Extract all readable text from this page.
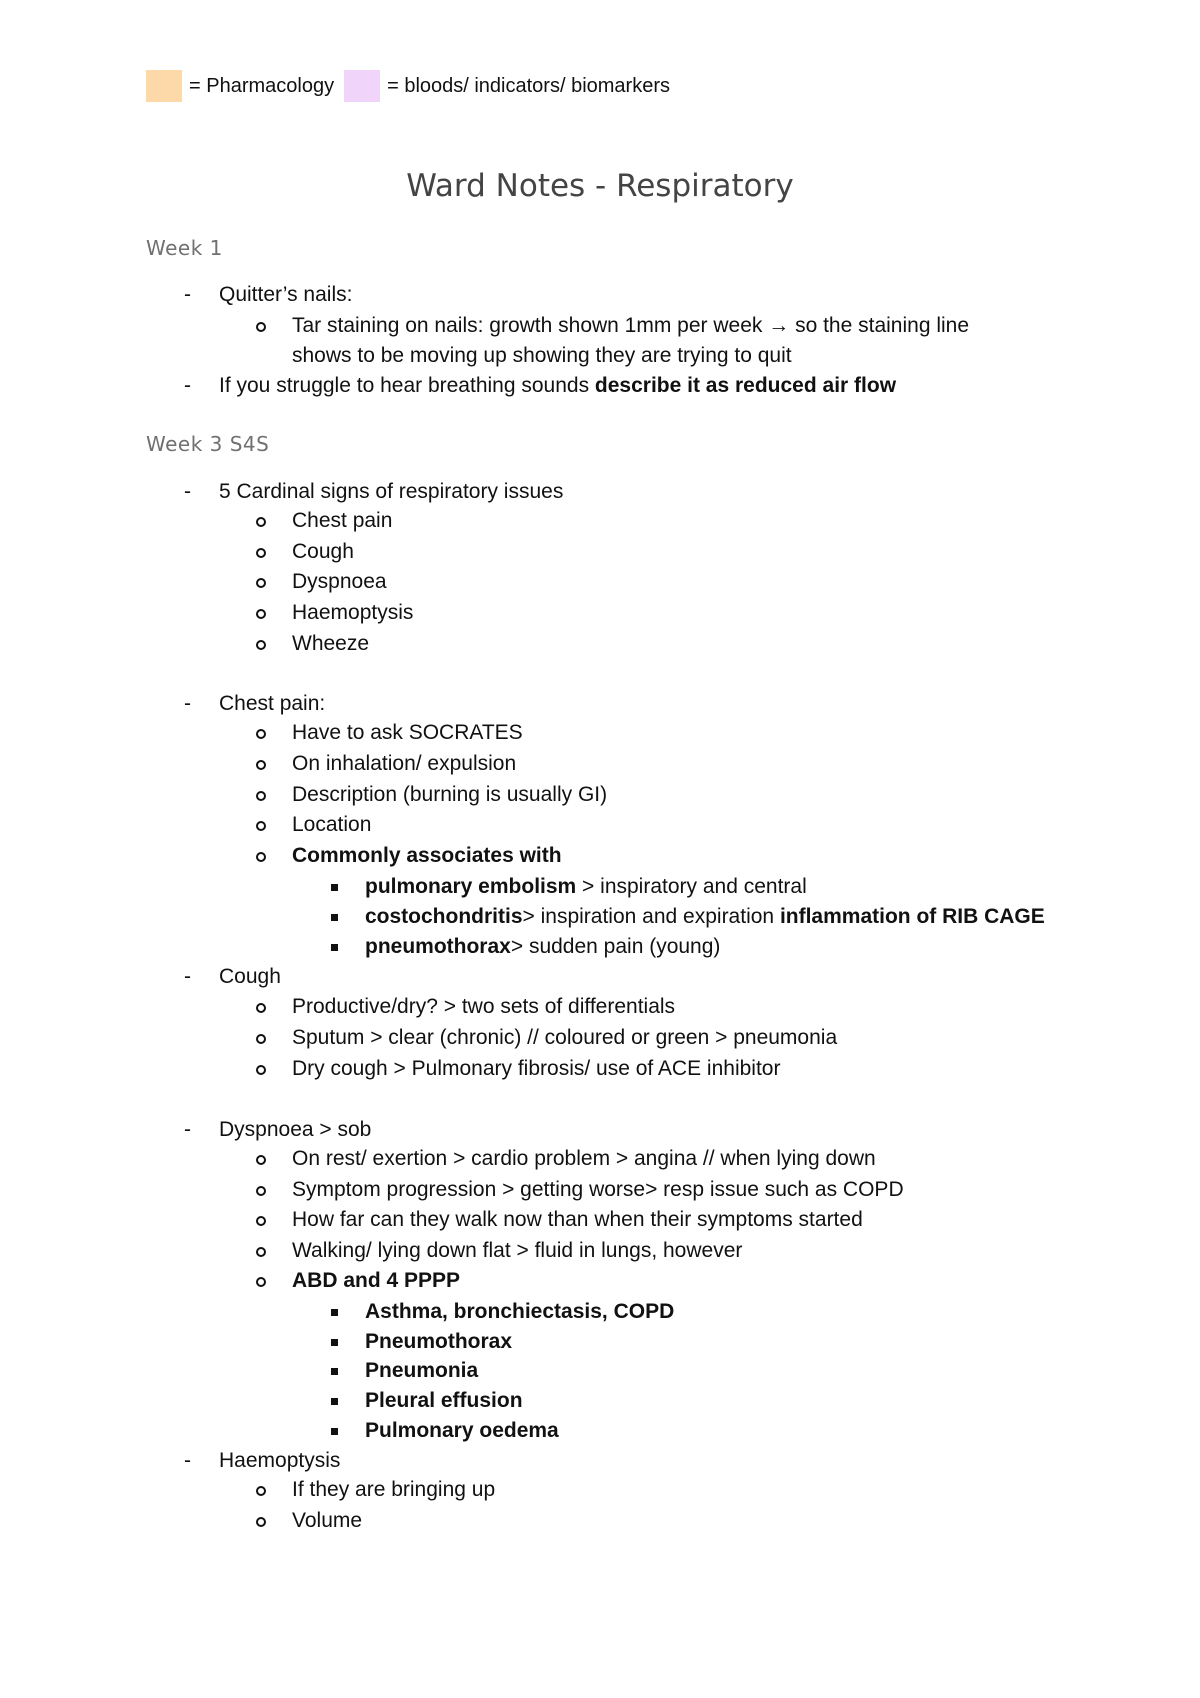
= Pharmacology	= bloods/ indicators/ biomarkers
Ward Notes - Respiratory
Week 1
- Quitter’s nails:
Tar staining on nails: growth shown 1mm per week → so the staining line
shows to be moving up showing they are trying to quit
- If you struggle to hear breathing sounds describe it as reduced air flow
Week 3 S4S
- 5 Cardinal signs of respiratory issues
Chest pain
Cough
Dyspnoea
Haemoptysis
Wheeze
- Chest pain:
Have to ask SOCRATES
On inhalation/ expulsion
Description (burning is usually GI)
Location
Commonly associates with
pulmonary embolism > inspiratory and central
costochondritis> inspiration and expiration inflammation of RIB CAGE
pneumothorax> sudden pain (young)
- Cough
Productive/dry? > two sets of differentials
Sputum > clear (chronic) // coloured or green > pneumonia
Dry cough > Pulmonary fibrosis/ use of ACE inhibitor
- Dyspnoea > sob
On rest/ exertion > cardio problem > angina // when lying down
Symptom progression > getting worse> resp issue such as COPD
How far can they walk now than when their symptoms started
Walking/ lying down flat > fluid in lungs, however
ABD and 4 PPPP
Asthma, bronchiectasis, COPD
Pneumothorax
Pneumonia
Pleural effusion
Pulmonary oedema
- Haemoptysis
If they are bringing up
Volume
